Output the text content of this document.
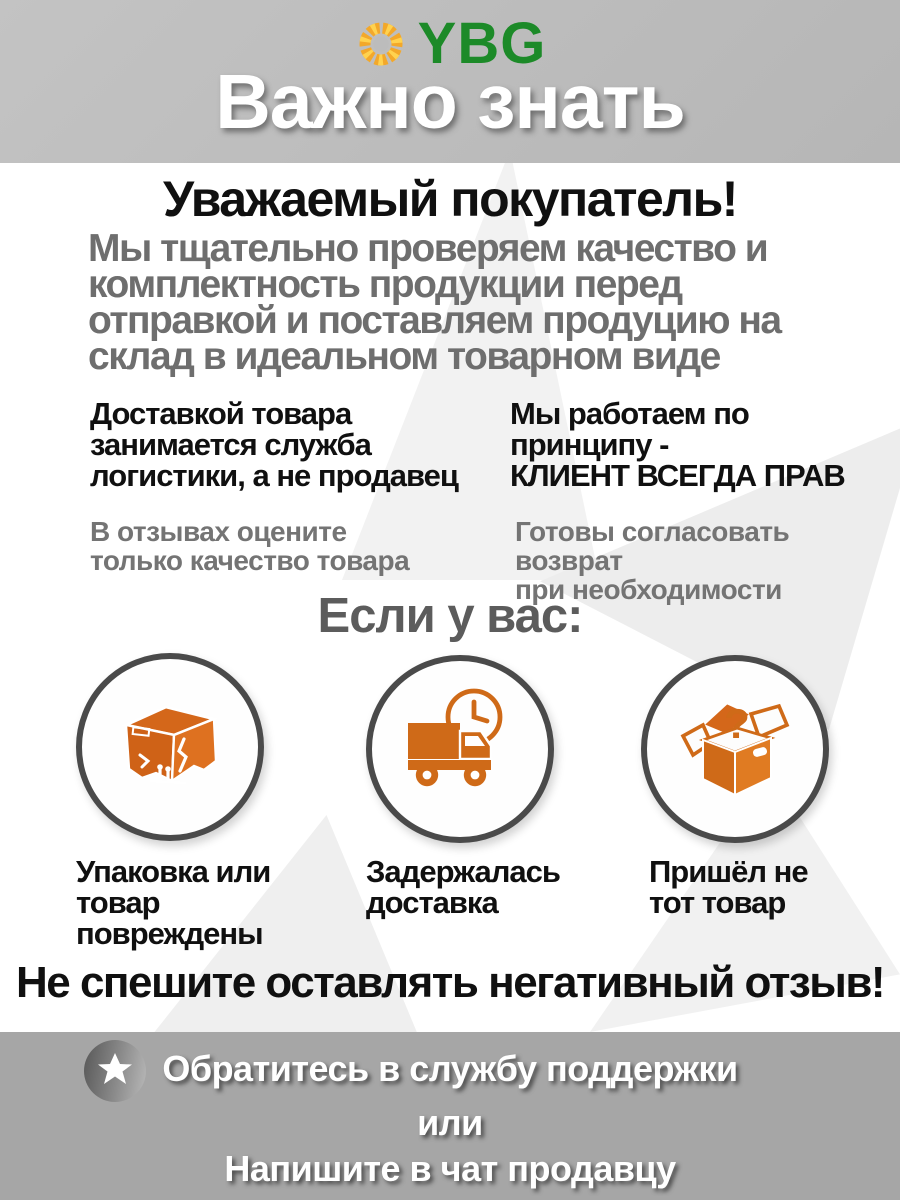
YBG
Важно знать
Уважаемый покупатель!
Мы тщательно проверяем качество и
комплектность продукции перед
отправкой и поставляем продуцию на
склад в идеальном товарном виде
Доставкой товара
занимается служба
логистики, а не продавец
Мы работаем по
принципу -
КЛИЕНТ ВСЕГДА ПРАВ
В отзывах оцените
только качество товара
Готовы согласовать возврат
при необходимости
Если у вас:
?
Упаковка или
товар
повреждены
Задержалась
доставка
Пришёл не
тот товар
Не спешите оставлять негативный отзыв!
Обратитесь в службу поддержки
или
Напишите в чат продавцу
